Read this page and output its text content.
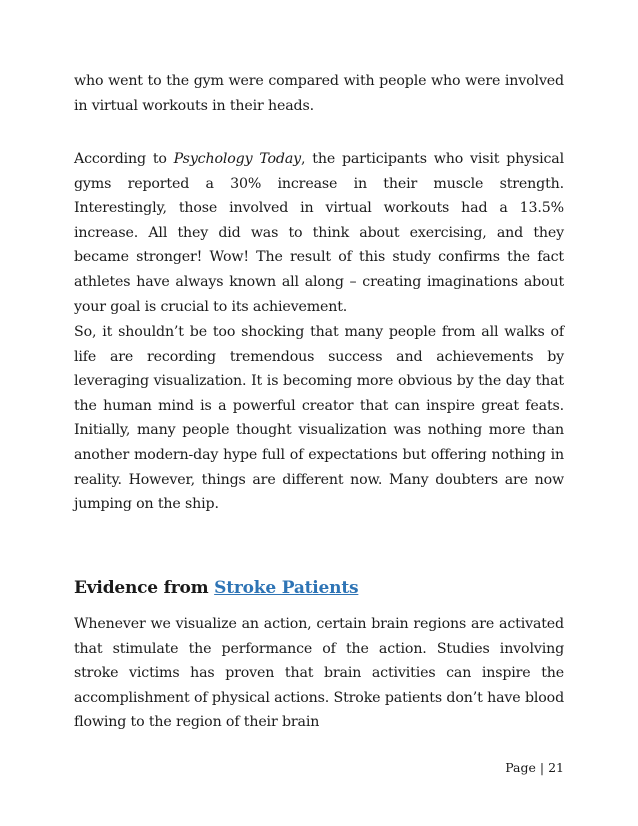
who went to the gym were compared with people who were involved in virtual workouts in their heads.

According to Psychology Today, the participants who visit physical gyms reported a 30% increase in their muscle strength. Interestingly, those involved in virtual workouts had a 13.5% increase. All they did was to think about exercising, and they became stronger! Wow! The result of this study confirms the fact athletes have always known all along – creating imaginations about your goal is crucial to its achievement.

So, it shouldn’t be too shocking that many people from all walks of life are recording tremendous success and achievements by leveraging visualization. It is becoming more obvious by the day that the human mind is a powerful creator that can inspire great feats. Initially, many people thought visualization was nothing more than another modern-day hype full of expectations but offering nothing in reality. However, things are different now. Many doubters are now jumping on the ship.

Evidence from Stroke Patients

Whenever we visualize an action, certain brain regions are activated that stimulate the performance of the action. Studies involving stroke victims has proven that brain activities can inspire the accomplishment of physical actions. Stroke patients don’t have blood flowing to the region of their brain

Page | 21
